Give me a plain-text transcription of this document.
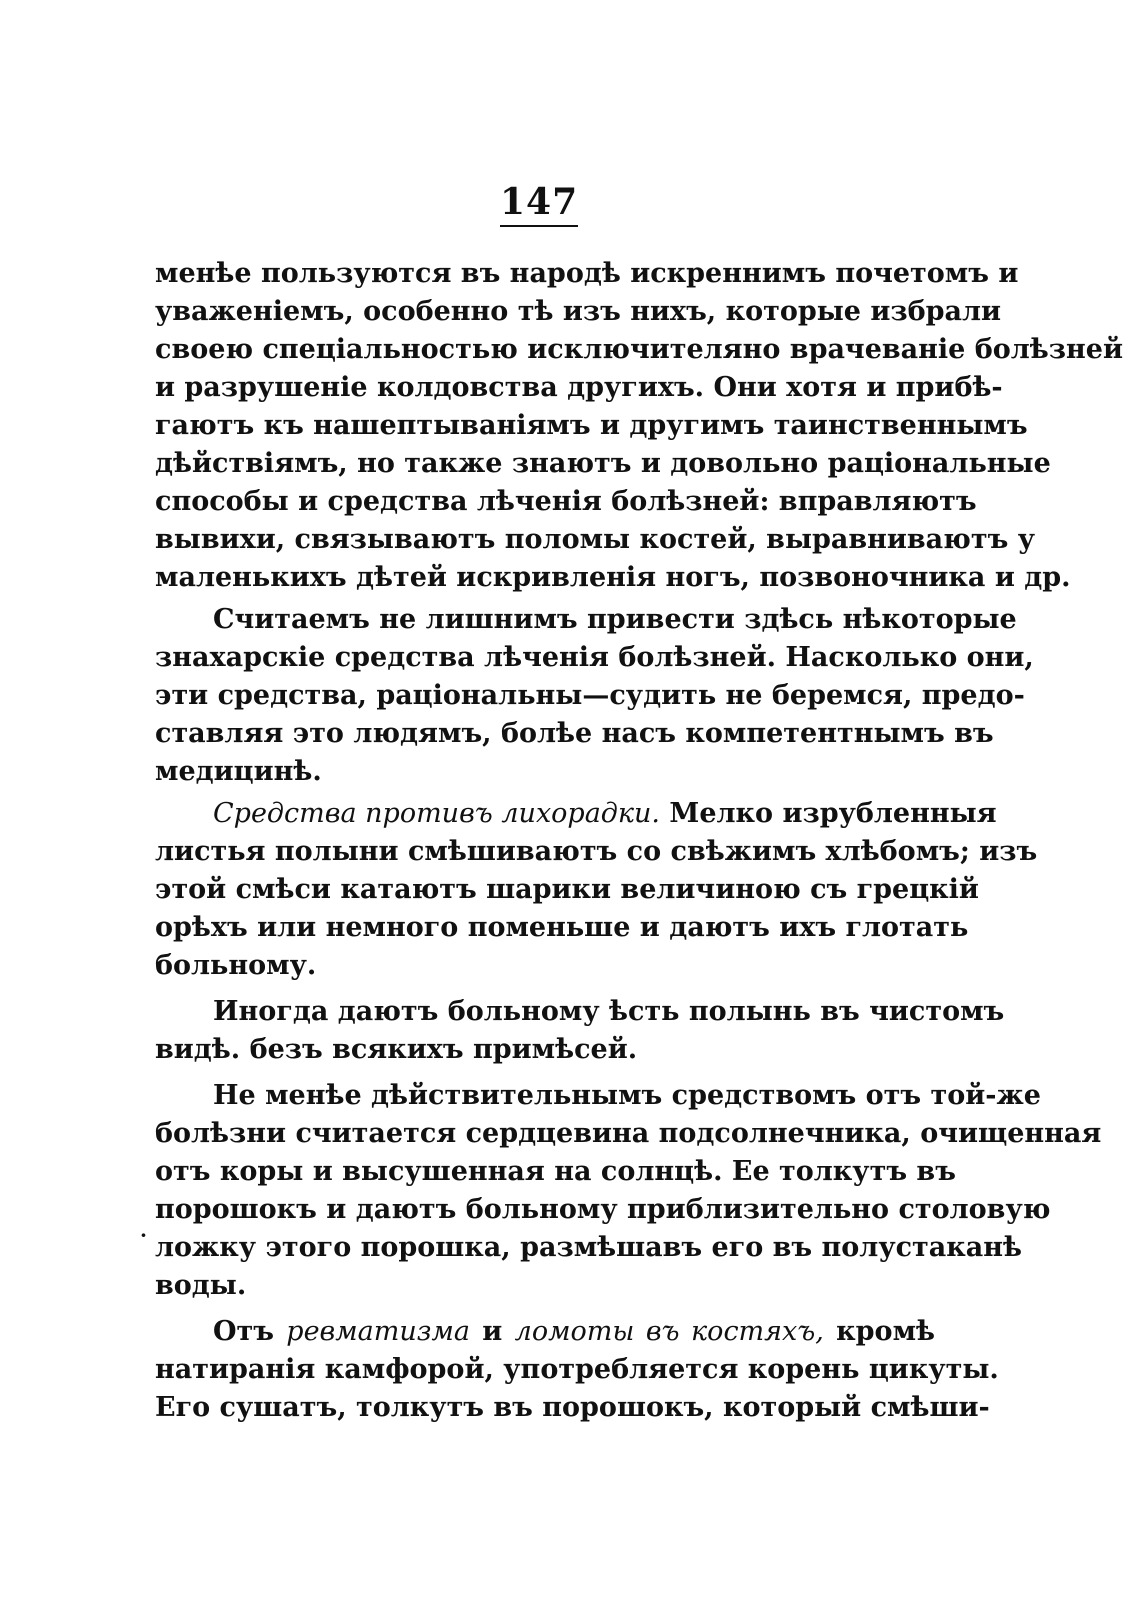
147
·
менѣе пользуются въ народѣ искреннимъ почетомъ и
уваженіемъ, особенно тѣ изъ нихъ, которые избрали
своею спеціальностью исключителяно врачеваніе болѣзней
и разрушеніе колдовства другихъ. Они хотя и прибѣ-
гаютъ къ нашептываніямъ и другимъ таинственнымъ
дѣйствіямъ, но также знаютъ и довольно раціональные
способы и средства лѣченія болѣзней: вправляютъ
вывихи, связываютъ поломы костей, выравниваютъ у
маленькихъ дѣтей искривленія ногъ, позвоночника и др.
Считаемъ не лишнимъ привести здѣсь нѣкоторые
знахарскіе средства лѣченія болѣзней. Насколько они,
эти средства, раціональны—судить не беремся, предо-
ставляя это людямъ, болѣе насъ компетентнымъ въ
медицинѣ.
Средства противъ лихорадки. Мелко изрубленныя
листья полыни смѣшиваютъ со свѣжимъ хлѣбомъ; изъ
этой смѣси катаютъ шарики величиною съ грецкій
орѣхъ или немного поменьше и даютъ ихъ глотать
больному.
Иногда даютъ больному ѣсть полынь въ чистомъ
видѣ. безъ всякихъ примѣсей.
Не менѣе дѣйствительнымъ средствомъ отъ той-же
болѣзни считается сердцевина подсолнечника, очищенная
отъ коры и высушенная на солнцѣ. Ее толкутъ въ
порошокъ и даютъ больному приблизительно столовую
ложку этого порошка, размѣшавъ его въ полустаканѣ
воды.
Отъ ревматизма и ломоты въ костяхъ, кромѣ
натиранія камфорой, употребляется корень цикуты.
Его сушатъ, толкутъ въ порошокъ, который смѣши-
